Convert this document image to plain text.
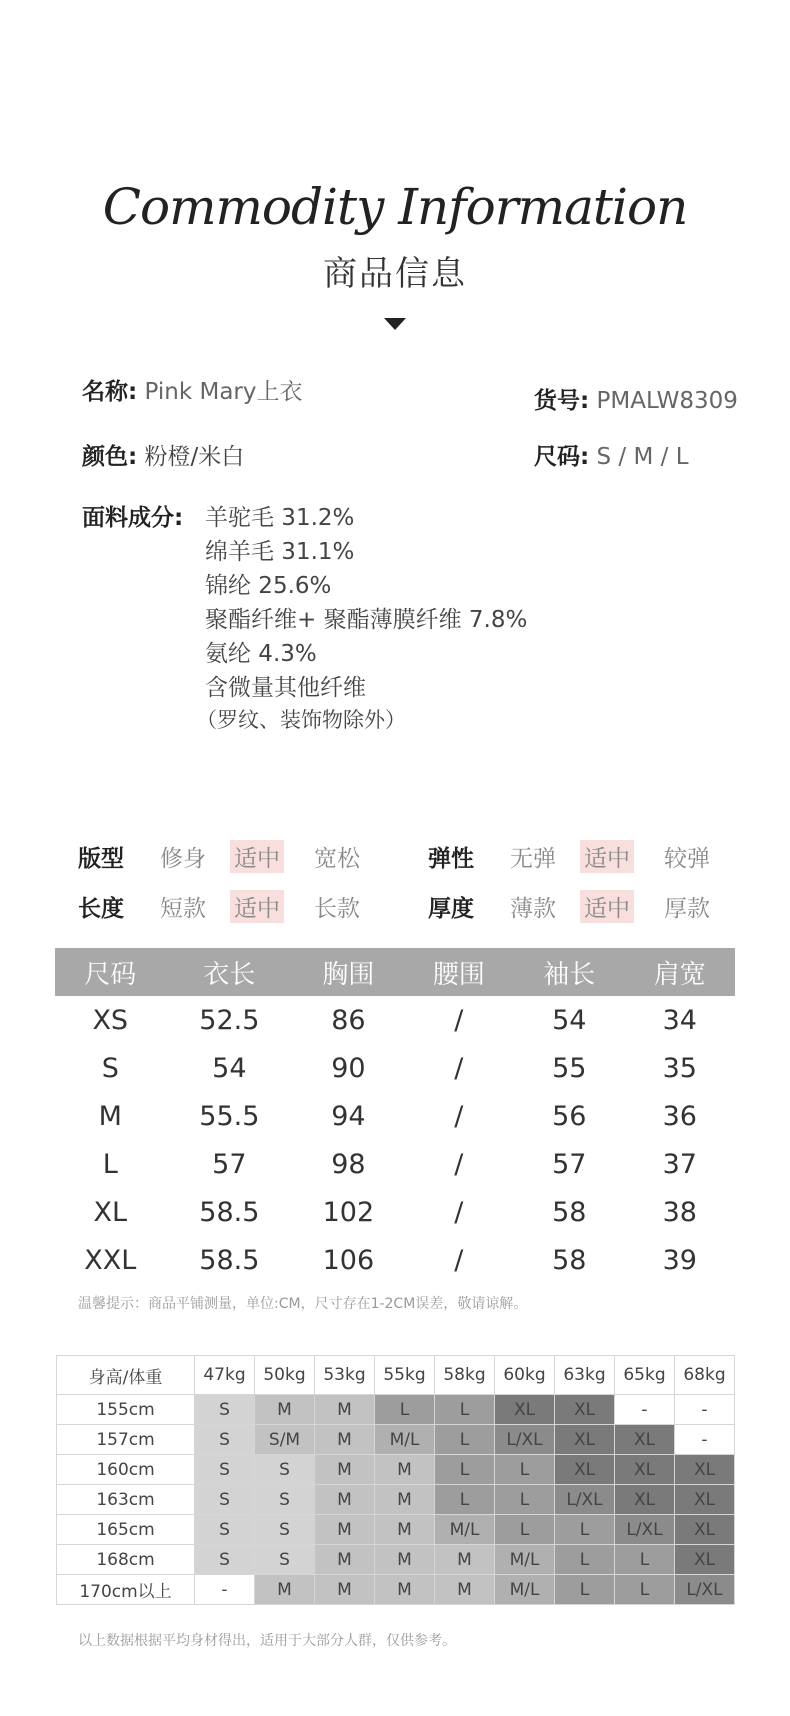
Commodity Information
商品信息
名称: Pink Mary上衣	货号: PMALW8309
颜色: 粉橙/米白	尺码: S / M / L
面料成分: 羊驼毛 31.2%
绵羊毛 31.1%
锦纶 25.6%
聚酯纤维+ 聚酯薄膜纤维 7.8%
氨纶 4.3%
含微量其他纤维
（罗纹、装饰物除外）
版型 修身 适中 宽松	弹性 无弹 适中 较弹
长度 短款 适中 长款	厚度 薄款 适中 厚款
尺码	衣长	胸围	腰围	袖长	肩宽
XS	52.5	86	/	54	34
S	54	90	/	55	35
M	55.5	94	/	56	36
L	57	98	/	57	37
XL	58.5	102	/	58	38
XXL	58.5	106	/	58	39
温馨提示：商品平铺测量，单位:CM，尺寸存在1-2CM误差，敬请谅解。
身高/体重	47kg	50kg	53kg	55kg	58kg	60kg	63kg	65kg	68kg
155cm	S	M	M	L	L	XL	XL	-	-
157cm	S	S/M	M	M/L	L	L/XL	XL	XL	-
160cm	S	S	M	M	L	L	XL	XL	XL
163cm	S	S	M	M	L	L	L/XL	XL	XL
165cm	S	S	M	M	M/L	L	L	L/XL	XL
168cm	S	S	M	M	M	M/L	L	L	XL
170cm以上	-	M	M	M	M	M/L	L	L	L/XL
以上数据根据平均身材得出，适用于大部分人群，仅供参考。
